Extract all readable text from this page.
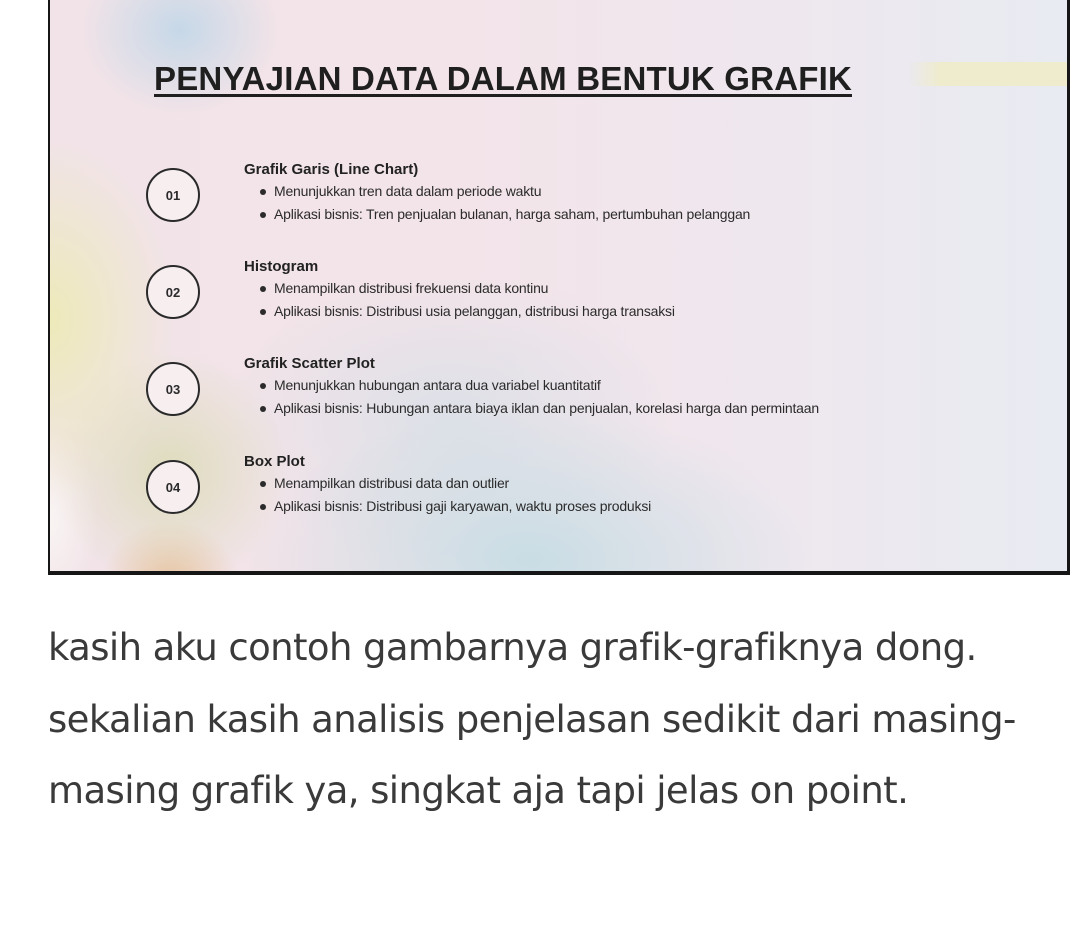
PENYAJIAN DATA DALAM BENTUK GRAFIK
01
Grafik Garis (Line Chart)
Menunjukkan tren data dalam periode waktu
Aplikasi bisnis: Tren penjualan bulanan, harga saham, pertumbuhan pelanggan
02
Histogram
Menampilkan distribusi frekuensi data kontinu
Aplikasi bisnis: Distribusi usia pelanggan, distribusi harga transaksi
03
Grafik Scatter Plot
Menunjukkan hubungan antara dua variabel kuantitatif
Aplikasi bisnis: Hubungan antara biaya iklan dan penjualan, korelasi harga dan permintaan
04
Box Plot
Menampilkan distribusi data dan outlier
Aplikasi bisnis: Distribusi gaji karyawan, waktu proses produksi

kasih aku contoh gambarnya grafik-grafiknya dong. sekalian kasih analisis penjelasan sedikit dari masing-masing grafik ya, singkat aja tapi jelas on point.
